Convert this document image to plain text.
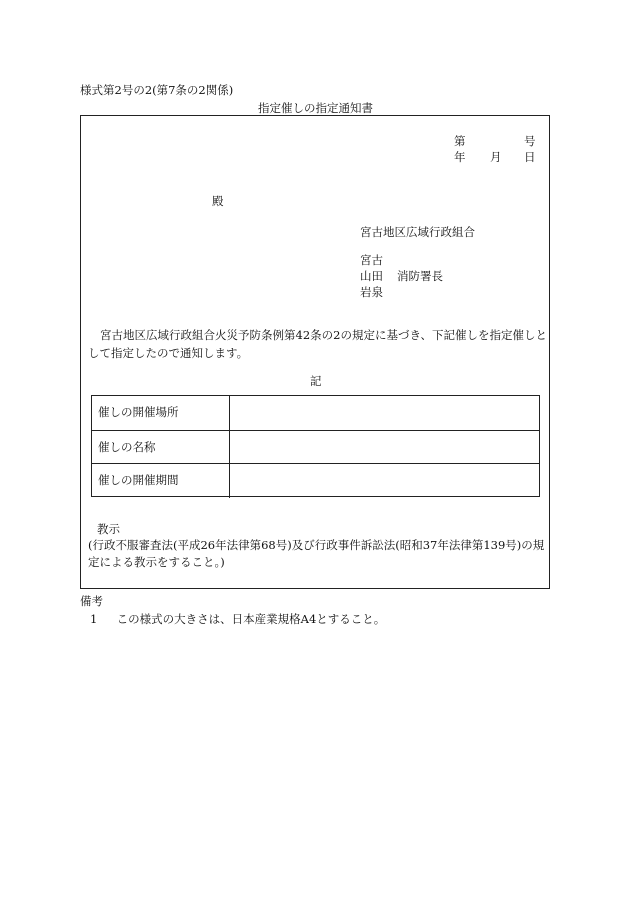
様式第2号の2(第7条の2関係)
指定催しの指定通知書
第	号
年 月 日
殿
宮古地区広域行政組合
宮古
山田 消防署長
岩泉
宮古地区広域行政組合火災予防条例第42条の2の規定に基づき、下記催しを指定催しとして指定したので通知します。
記
催しの開催場所
催しの名称
催しの開催期間
教示
(行政不服審査法(平成26年法律第68号)及び行政事件訴訟法(昭和37年法律第139号)の規定による教示をすること。)
備考
1 この様式の大きさは、日本産業規格A4とすること。
